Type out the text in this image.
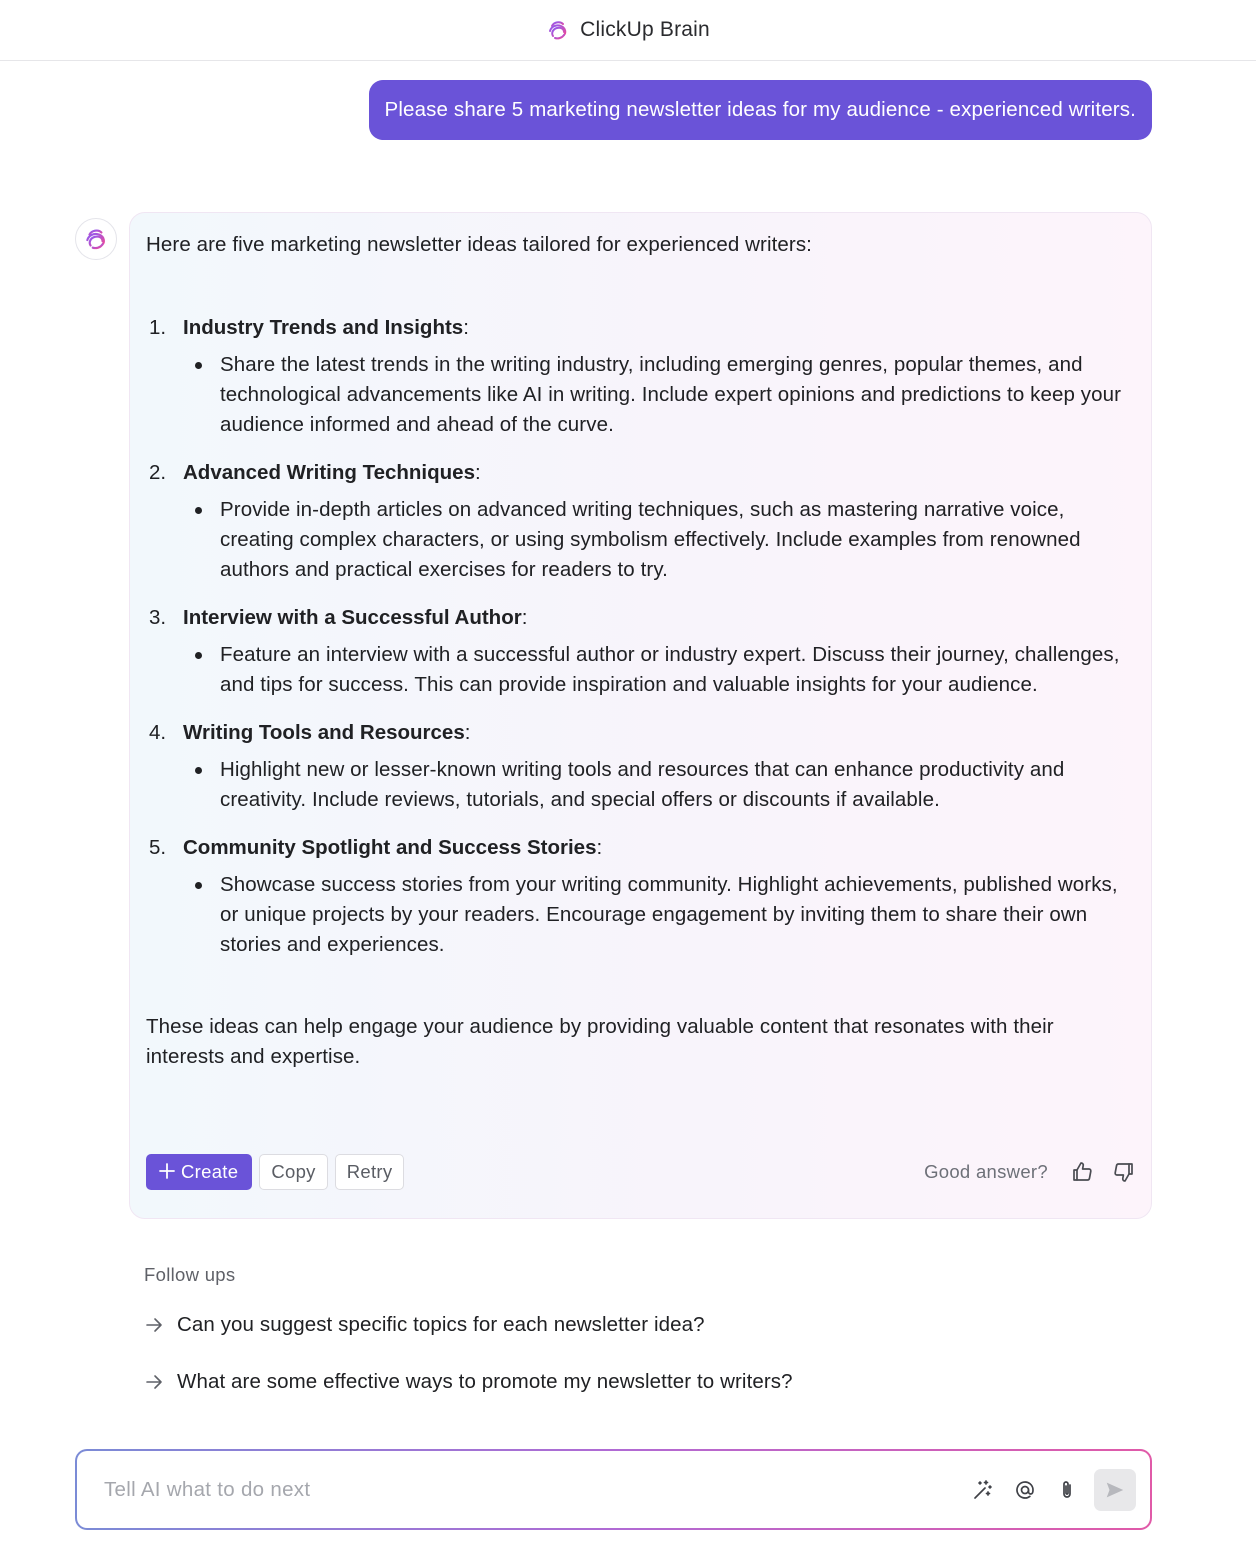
ClickUp Brain
Please share 5 marketing newsletter ideas for my audience - experienced writers.

Here are five marketing newsletter ideas tailored for experienced writers:

1. Industry Trends and Insights:
Share the latest trends in the writing industry, including emerging genres, popular themes, and technological advancements like AI in writing. Include expert opinions and predictions to keep your audience informed and ahead of the curve.
2. Advanced Writing Techniques:
Provide in-depth articles on advanced writing techniques, such as mastering narrative voice, creating complex characters, or using symbolism effectively. Include examples from renowned authors and practical exercises for readers to try.
3. Interview with a Successful Author:
Feature an interview with a successful author or industry expert. Discuss their journey, challenges, and tips for success. This can provide inspiration and valuable insights for your audience.
4. Writing Tools and Resources:
Highlight new or lesser-known writing tools and resources that can enhance productivity and creativity. Include reviews, tutorials, and special offers or discounts if available.
5. Community Spotlight and Success Stories:
Showcase success stories from your writing community. Highlight achievements, published works, or unique projects by your readers. Encourage engagement by inviting them to share their own stories and experiences.

These ideas can help engage your audience by providing valuable content that resonates with their interests and expertise.

Create	Copy	Retry	Good answer?
Follow ups
Can you suggest specific topics for each newsletter idea?
What are some effective ways to promote my newsletter to writers?
Tell AI what to do next
